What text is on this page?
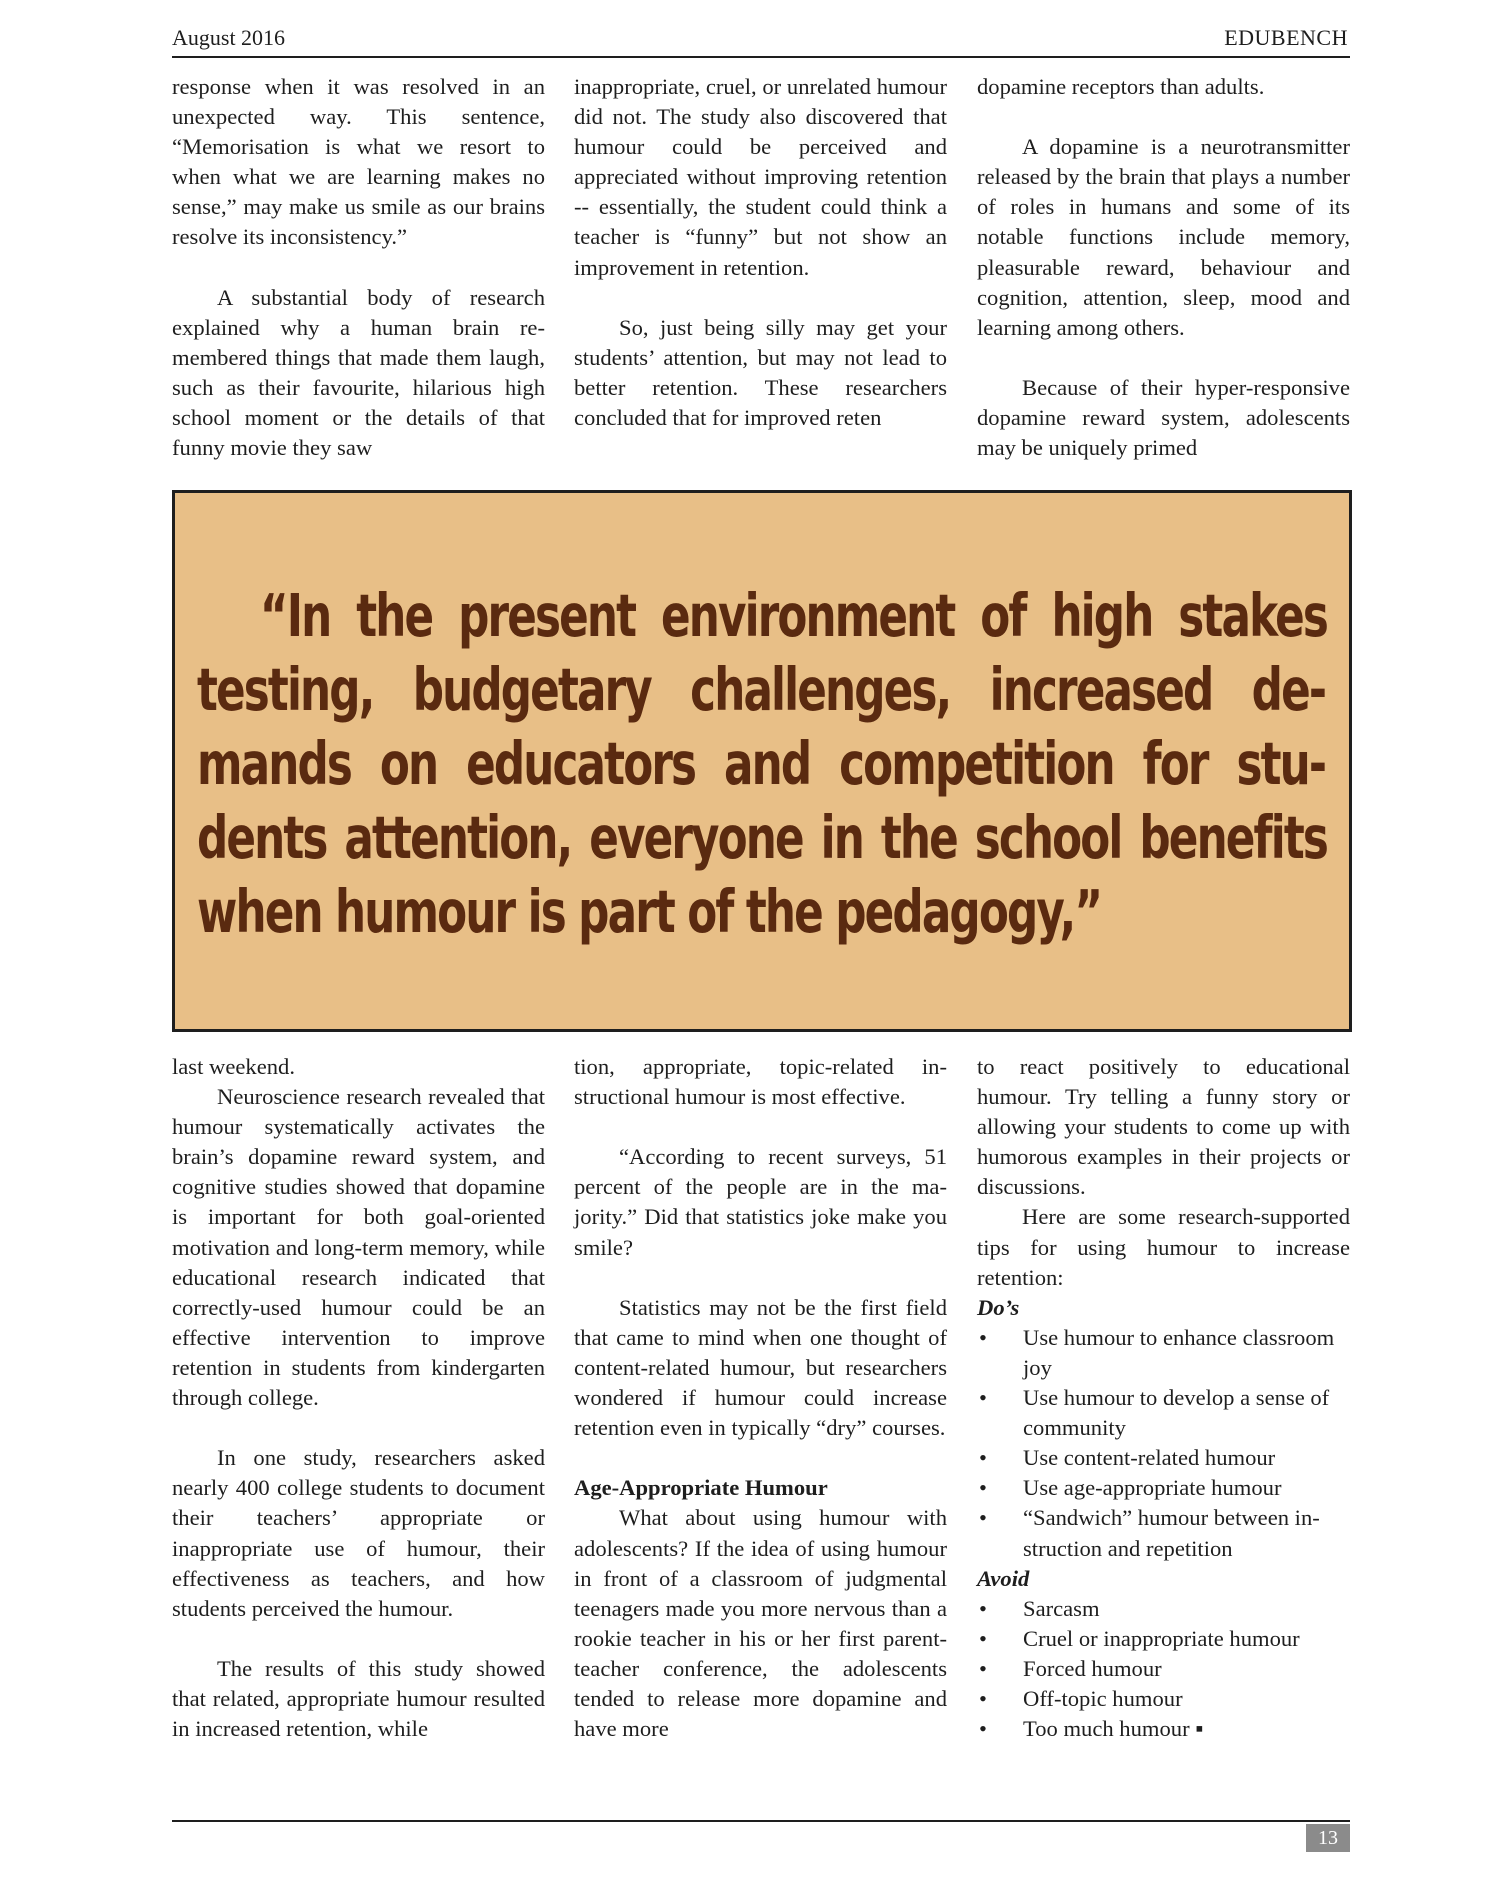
August 2016	EDUBENCH

response when it was resolved in an unexpected way. This sentence, “Memorisation is what we resort to when what we are learning makes no sense,” may make us smile as our brains resolve its inconsistency.”

A substantial body of research explained why a human brain remembered things that made them laugh, such as their favourite, hilarious high school moment or the details of that funny movie they saw

inappropriate, cruel, or unrelated humour did not. The study also discovered that humour could be perceived and appreciated without improving retention -- essentially, the student could think a teacher is “funny” but not show an improvement in retention.

So, just being silly may get your students’ attention, but may not lead to better retention. These researchers concluded that for improved reten

dopamine receptors than adults.

A dopamine is a neurotransmitter released by the brain that plays a number of roles in humans and some of its notable functions include memory, pleasurable reward, behaviour and cognition, attention, sleep, mood and learning among others.

Because of their hyper-responsive dopamine reward system, adolescents may be uniquely primed

“In the present environment of high stakes testing, budgetary challenges, increased demands on educators and competition for students attention, everyone in the school benefits when humour is part of the pedagogy,”

last weekend.

Neuroscience research revealed that humour systematically activates the brain’s dopamine reward system, and cognitive studies showed that dopamine is important for both goal-oriented motivation and long-term memory, while educational research indicated that correctly-used humour could be an effective intervention to improve retention in students from kindergarten through college.

In one study, researchers asked nearly 400 college students to document their teachers’ appropriate or inappropriate use of humour, their effectiveness as teachers, and how students perceived the humour.

The results of this study showed that related, appropriate humour resulted in increased retention, while

tion, appropriate, topic-related instructional humour is most effective.

“According to recent surveys, 51 percent of the people are in the majority.” Did that statistics joke make you smile?

Statistics may not be the first field that came to mind when one thought of content-related humour, but researchers wondered if humour could increase retention even in typically “dry” courses.

Age-Appropriate Humour

What about using humour with adolescents? If the idea of using humour in front of a classroom of judgmental teenagers made you more nervous than a rookie teacher in his or her first parent-teacher conference, the adolescents tended to release more dopamine and have more

to react positively to educational humour. Try telling a funny story or allowing your students to come up with humorous examples in their projects or discussions.

Here are some research-supported tips for using humour to increase retention:

Do’s

• Use humour to enhance classroom joy
• Use humour to develop a sense of community
• Use content-related humour
• Use age-appropriate humour
• “Sandwich” humour between instruction and repetition

Avoid

• Sarcasm
• Cruel or inappropriate humour
• Forced humour
• Off-topic humour
• Too much humour ▪
13
